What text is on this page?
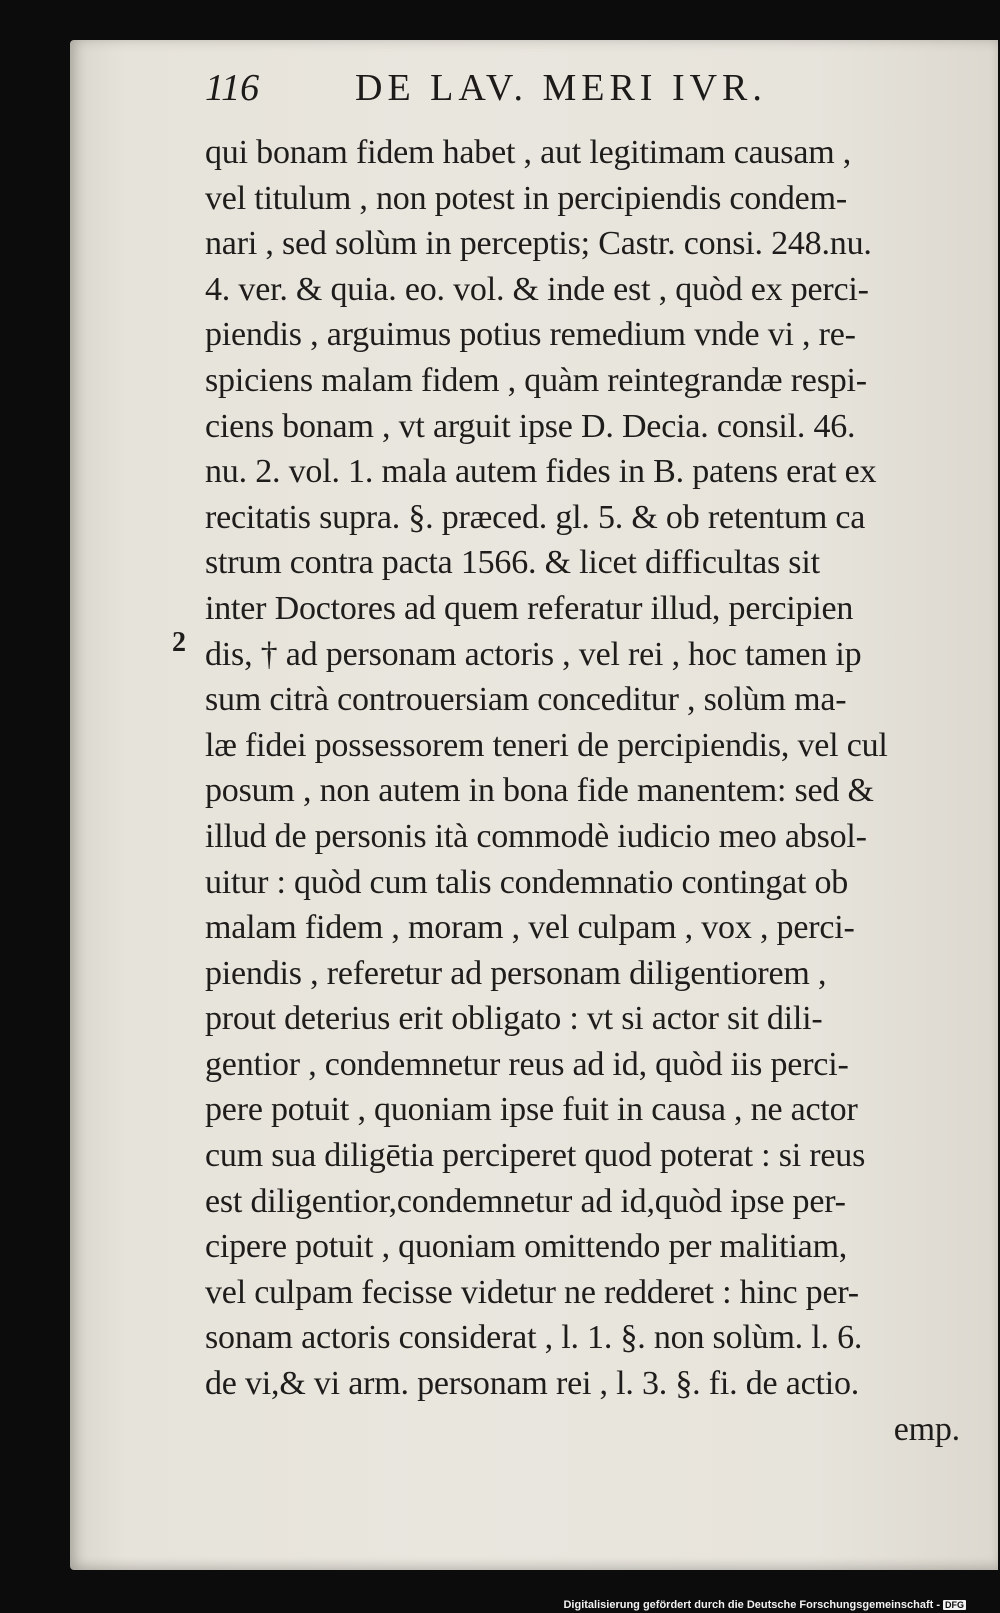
116	DE LAV. MERI IVR.
2
qui bonam fidem habet , aut legitimam causam ,
vel titulum , non potest in percipiendis condem-
nari , sed solùm in perceptis; Castr. consi. 248.nu.
4. ver. & quia. eo. vol. & inde est , quòd ex perci-
piendis , arguimus potius remedium vnde vi , re-
spiciens malam fidem , quàm reintegrandæ respi-
ciens bonam , vt arguit ipse D. Decia. consil. 46.
nu. 2. vol. 1. mala autem fides in B. patens erat ex
recitatis supra. §. præced. gl. 5. & ob retentum ca
strum contra pacta 1566. & licet difficultas sit
inter Doctores ad quem referatur illud, percipien
dis, † ad personam actoris , vel rei , hoc tamen ip
sum citrà controuersiam conceditur , solùm ma-
læ fidei possessorem teneri de percipiendis, vel cul
posum , non autem in bona fide manentem: sed &
illud de personis ità commodè iudicio meo absol-
uitur : quòd cum talis condemnatio contingat ob
malam fidem , moram , vel culpam , vox , perci-
piendis , referetur ad personam diligentiorem ,
prout deterius erit obligato : vt si actor sit dili-
gentior , condemnetur reus ad id, quòd iis perci-
pere potuit , quoniam ipse fuit in causa , ne actor
cum sua diligētia perciperet quod poterat : si reus
est diligentior,condemnetur ad id,quòd ipse per-
cipere potuit , quoniam omittendo per malitiam,
vel culpam fecisse videtur ne redderet : hinc per-
sonam actoris considerat , l. 1. §. non solùm. l. 6.
de vi,& vi arm. personam rei , l. 3. §. fi. de actio.
emp.
Digitalisierung gefördert durch die Deutsche Forschungsgemeinschaft - DFG
